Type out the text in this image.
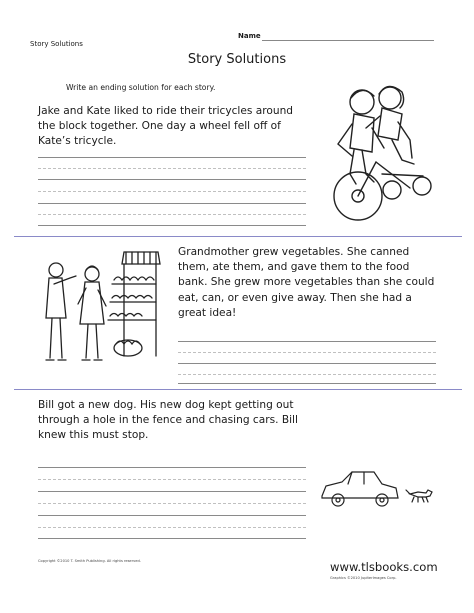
Name
Story Solutions
Story Solutions
Write an ending solution for each story.
Jake and Kate liked to ride their tricycles around the block together. One day a wheel fell off of Kate’s tricycle.
Grandmother grew vegetables. She canned them, ate them, and gave them to the food bank. She grew more vegetables than she could eat, can, or even give away. Then she had a great idea!
Bill got a new dog. His new dog kept getting out through a hole in the fence and chasing cars. Bill knew this must stop.
Copyright ©2010 T. Smith Publishing. All rights reserved.	www.tlsbooks.com
Graphics ©2010 JupiterImages Corp.
